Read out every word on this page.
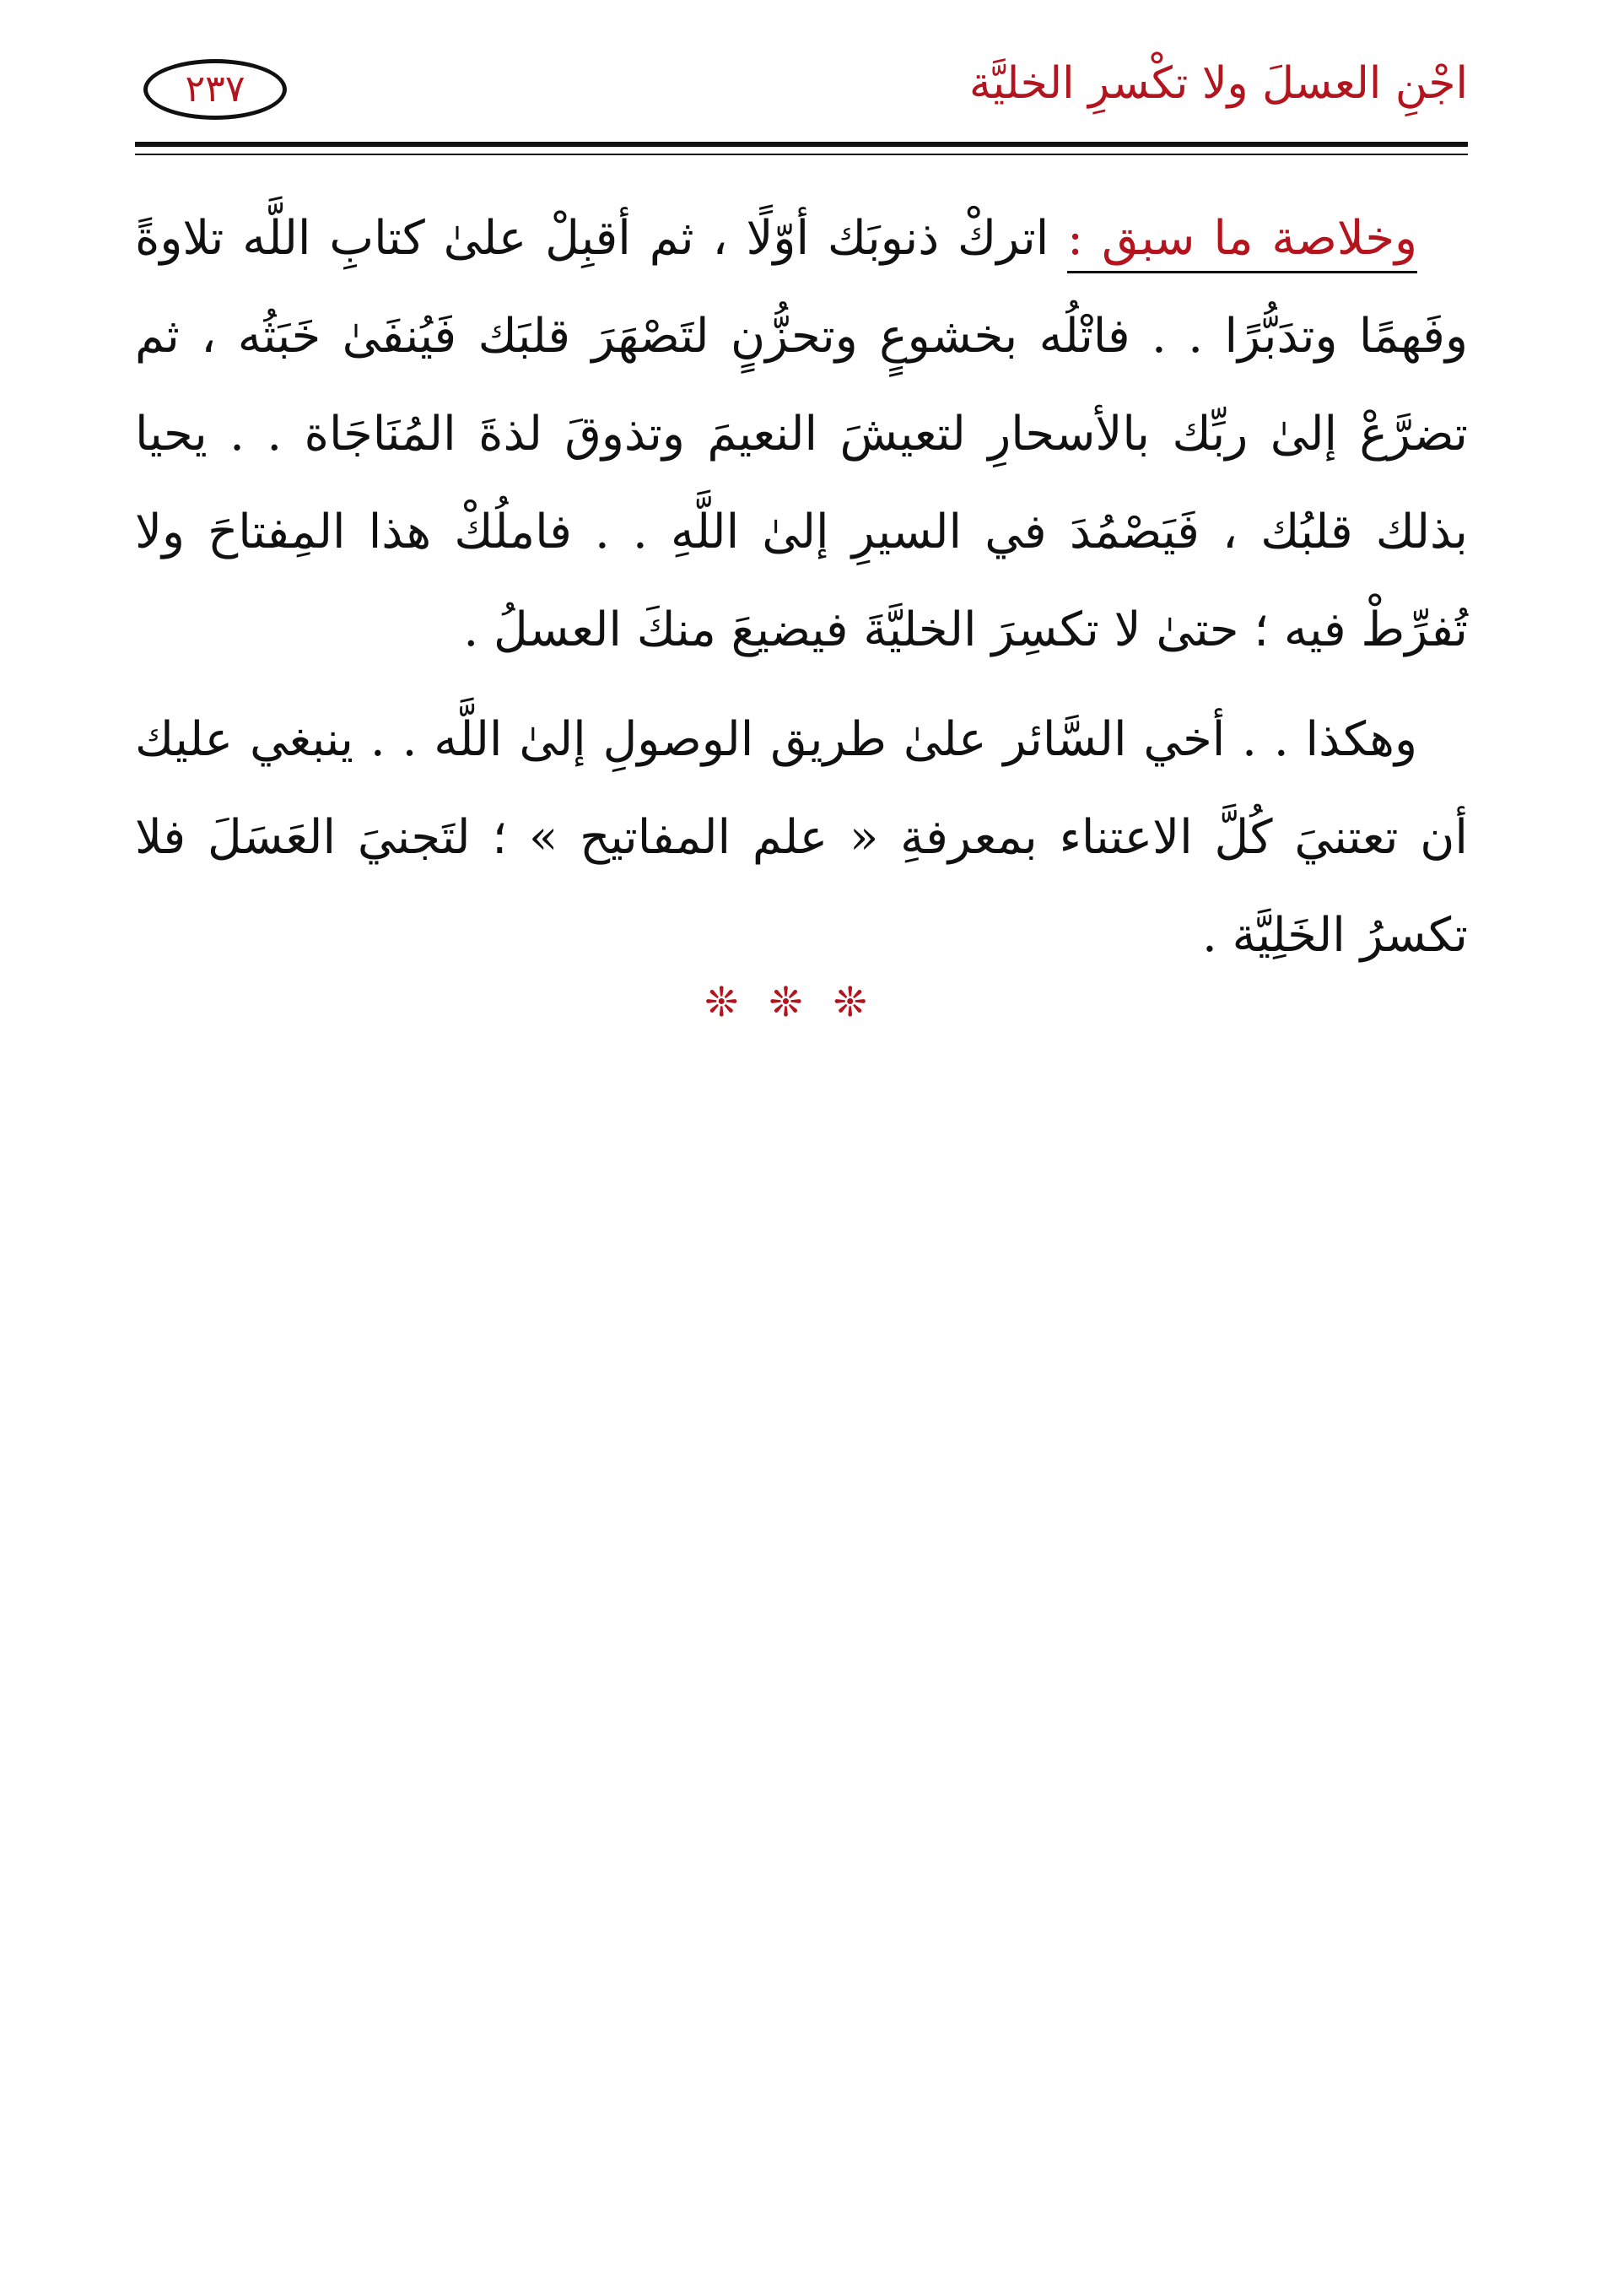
اجْنِ العسلَ ولا تكْسرِ الخليَّة
٢٣٧

وخلاصة ما سبق : اتركْ ذنوبَك أوّلًا ، ثم أقبِلْ علىٰ كتابِ اللَّه تلاوةً وفَهمًا وتدَبُّرًا . . فاتْلُه بخشوعٍ وتحزُّنٍ لتَصْهَرَ قلبَك فَيُنفَىٰ خَبَثُه ، ثم تضرَّعْ إلىٰ ربِّك بالأسحارِ لتعيشَ النعيمَ وتذوقَ لذةَ المُنَاجَاة . . يحيا بذلك قلبُك ، فَيَصْمُدَ في السيرِ إلىٰ اللَّهِ . . فاملُكْ هذا المِفتاحَ ولا تُفرِّطْ فيه ؛ حتىٰ لا تكسِرَ الخليَّةَ فيضيعَ منكَ العسلُ .

وهكذا . . أخي السَّائر علىٰ طريق الوصولِ إلىٰ اللَّه . . ينبغي عليك أن تعتنيَ كُلَّ الاعتناء بمعرفةِ « علم المفاتيح » ؛ لتَجنيَ العَسَلَ فلا تكسرُ الخَلِيَّة .

❊❊❊
